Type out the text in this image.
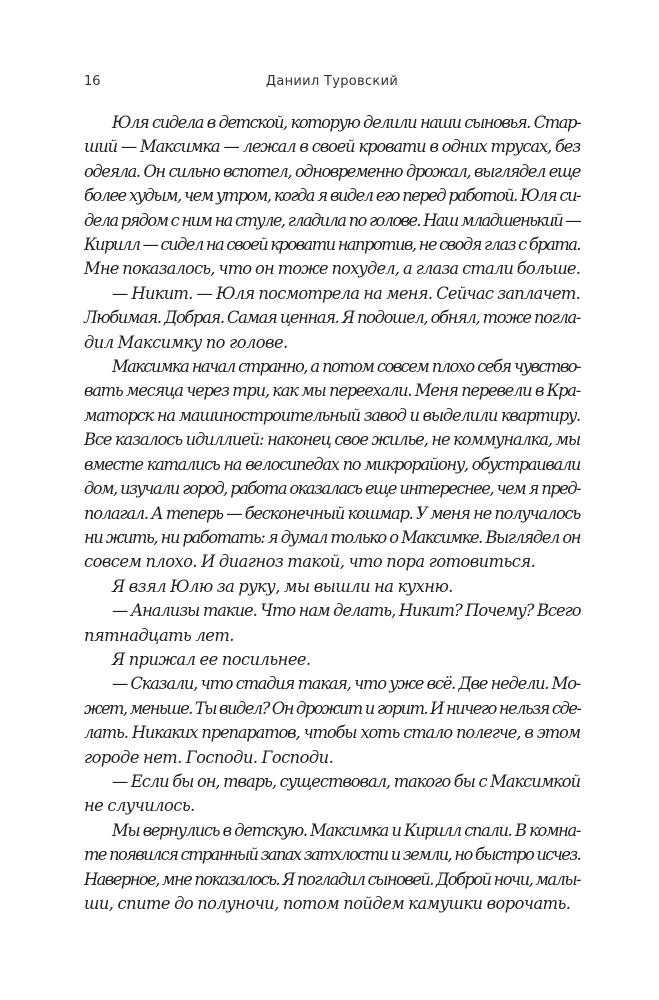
16	Даниил Туровский
Юля сидела в детской, которую делили наши сыновья. Стар-
ший — Максимка — лежал в своей кровати в одних трусах, без
одеяла. Он сильно вспотел, одновременно дрожал, выглядел еще
более худым, чем утром, когда я видел его перед работой. Юля си-
дела рядом с ним на стуле, гладила по голове. Наш младшенький —
Кирилл — сидел на своей кровати напротив, не сводя глаз с брата.
Мне показалось, что он тоже похудел, а глаза стали больше.
— Никит. — Юля посмотрела на меня. Сейчас заплачет.
Любимая. Добрая. Самая ценная. Я подошел, обнял, тоже погла-
дил Максимку по голове.
Максимка начал странно, а потом совсем плохо себя чувство-
вать месяца через три, как мы переехали. Меня перевели в Кра-
маторск на машиностроительный завод и выделили квартиру.
Все казалось идиллией: наконец свое жилье, не коммуналка, мы
вместе катались на велосипедах по микрорайону, обустраивали
дом, изучали город, работа оказалась еще интереснее, чем я пред-
полагал. А теперь — бесконечный кошмар. У меня не получалось
ни жить, ни работать: я думал только о Максимке. Выглядел он
совсем плохо. И диагноз такой, что пора готовиться.
Я взял Юлю за руку, мы вышли на кухню.
— Анализы такие. Что нам делать, Никит? Почему? Всего
пятнадцать лет.
Я прижал ее посильнее.
— Сказали, что стадия такая, что уже всё. Две недели. Мо-
жет, меньше. Ты видел? Он дрожит и горит. И ничего нельзя сде-
лать. Никаких препаратов, чтобы хоть стало полегче, в этом
городе нет. Господи. Господи.
— Если бы он, тварь, существовал, такого бы с Максимкой
не случилось.
Мы вернулись в детскую. Максимка и Кирилл спали. В комна-
те появился странный запах затхлости и земли, но быстро исчез.
Наверное, мне показалось. Я погладил сыновей. Доброй ночи, малы-
ши, спите до полуночи, потом пойдем камушки ворочать.
